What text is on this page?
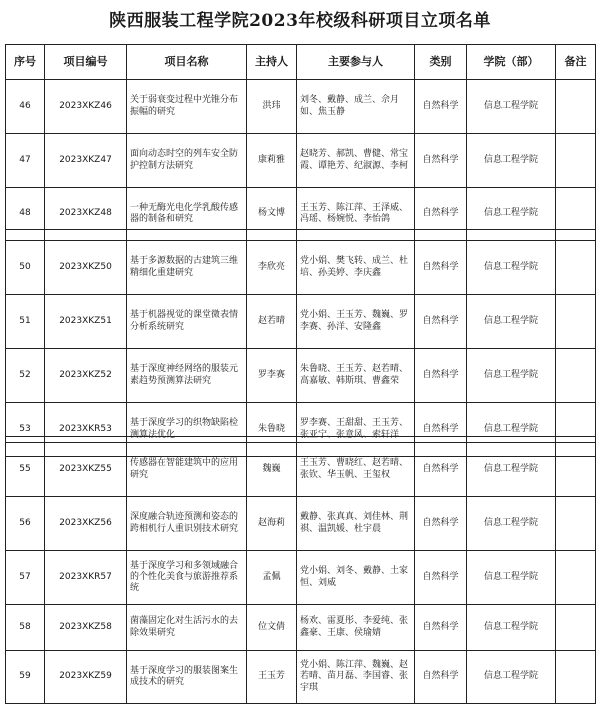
陕西服装工程学院2023年校级科研项目立项名单
序号	项目编号	项目名称	主持人	主要参与人	类别	学院（部）	备注
46	2023XKZ46	关于弱衰变过程中光锥分布振幅的研究	洪玮	刘冬、戴静、成兰、佘月如、焦玉静	自然科学	信息工程学院	
47	2023XKZ47	面向动态时空的列车安全防护控制方法研究	康莉雅	赵晓芳、郝凯、曹健、常宝霞、谭艳芳、纪淑源、李柯	自然科学	信息工程学院	
48	2023XKZ48	一种无酶光电化学乳酸传感器的制备和研究	杨文博	王玉芳、陈江萍、王泽威、冯瑶、杨婉悦、李怡鸽	自然科学	信息工程学院	
50	2023XKZ50	基于多源数据的古建筑三维精细化重建研究	李欣亮	党小娟、樊飞转、成兰、杜培、孙美婷、李庆鑫	自然科学	信息工程学院	
51	2023XKZ51	基于机器视觉的课堂微表情分析系统研究	赵若晴	党小娟、王玉芳、魏巍、罗李赛、孙洋、安隆鑫	自然科学	信息工程学院	
52	2023XKZ52	基于深度神经网络的服装元素趋势预测算法研究	罗李赛	朱鲁晓、王玉芳、赵若晴、高嘉敏、韩斯琪、曹鑫荣	自然科学	信息工程学院	
53	2023XKR53	基于深度学习的织物缺陷检测算法优化	朱鲁晓	罗李赛、王甜甜、王玉芳、张亚宁、张意风、索轩洋	自然科学	信息工程学院	
55	2023XKZ55	传感器在智能建筑中的应用研究	魏巍	王玉芳、曹晓红、赵若晴、张钦、华玉帆、王玺权	自然科学	信息工程学院	
56	2023XKZ56	深度融合轨迹预测和姿态的跨相机行人重识别技术研究	赵海莉	戴静、张真真、刘佳林、荆祺、温凯媛、杜宇晨	自然科学	信息工程学院	
57	2023XKR57	基于深度学习和多领域融合的个性化美食与旅游推荐系统	孟佩	党小娟、刘冬、戴静、土家恒、刘威	自然科学	信息工程学院	
58	2023XKZ58	菌藻固定化对生活污水的去除效果研究	位文倩	杨欢、雷夏彤、李爱纯、张鑫豪、王康、侯瑜婧	自然科学	信息工程学院	
59	2023XKZ59	基于深度学习的服装图案生成技术的研究	王玉芳	党小娟、陈江萍、魏巍、赵若晴、苗月磊、李国睿、张宇琪	自然科学	信息工程学院	
